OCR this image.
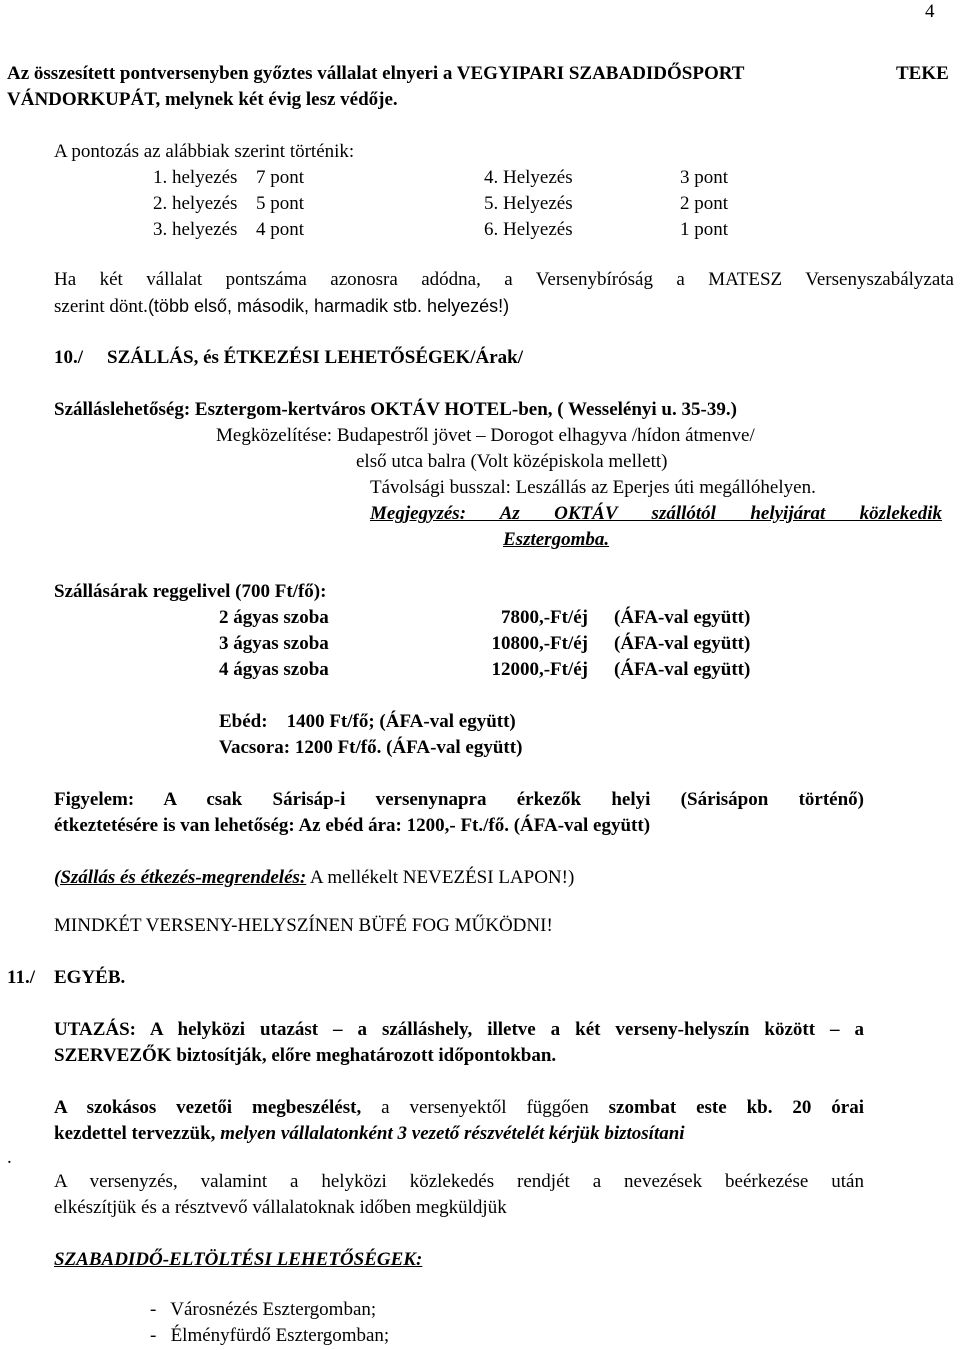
4
Az összesített pontversenyben győztes vállalat elnyeri a VEGYIPARI SZABADIDŐSPORT	TEKE
VÁNDORKUPÁT, melynek két évig lesz védője.
A pontozás az alábbiak szerint történik:
1. helyezés 7 pont	4. Helyezés	3 pont
2. helyezés 5 pont	5. Helyezés	2 pont
3. helyezés 4 pont	6. Helyezés	1 pont
Ha két vállalat pontszáma azonosra adódna, a Versenybíróság a MATESZ Versenyszabályzata
szerint dönt.(több első, második, harmadik stb. helyezés!)
10./ SZÁLLÁS, és ÉTKEZÉSI LEHETŐSÉGEK/Árak/
Szálláslehetőség: Esztergom-kertváros OKTÁV HOTEL-ben, ( Wesselényi u. 35-39.)
Megközelítése: Budapestről jövet – Dorogot elhagyva /hídon átmenve/
első utca balra (Volt középiskola mellett)
Távolsági busszal: Leszállás az Eperjes úti megállóhelyen.
Megjegyzés: Az OKTÁV szállótól helyijárat közlekedik
Esztergomba.
Szállásárak reggelivel (700 Ft/fő):
2 ágyas szoba	7800,-Ft/éj (ÁFA-val együtt)
3 ágyas szoba	10800,-Ft/éj (ÁFA-val együtt)
4 ágyas szoba	12000,-Ft/éj (ÁFA-val együtt)
Ebéd:    1400 Ft/fő; (ÁFA-val együtt)
Vacsora: 1200 Ft/fő. (ÁFA-val együtt)
Figyelem: A csak Sárisáp-i versenynapra érkezők helyi (Sárisápon történő)
étkeztetésére is van lehetőség: Az ebéd ára: 1200,- Ft./fő. (ÁFA-val együtt)
(Szállás és étkezés-megrendelés: A mellékelt NEVEZÉSI LAPON!)
MINDKÉT VERSENY-HELYSZÍNEN BÜFÉ FOG MŰKÖDNI!
11./ EGYÉB.
UTAZÁS: A helyközi utazást – a szálláshely, illetve a két verseny-helyszín között – a
SZERVEZŐK biztosítják, előre meghatározott időpontokban.
A szokásos vezetői megbeszélést, a versenyektől függően szombat este kb. 20 órai
kezdettel tervezzük, melyen vállalatonként 3 vezető részvételét kérjük biztosítani
.
A versenyzés, valamint a helyközi közlekedés rendjét a nevezések beérkezése után
elkészítjük és a résztvevő vállalatoknak időben megküldjük
SZABADIDŐ-ELTÖLTÉSI LEHETŐSÉGEK:
-   Városnézés Esztergomban;
-   Élményfürdő Esztergomban;
